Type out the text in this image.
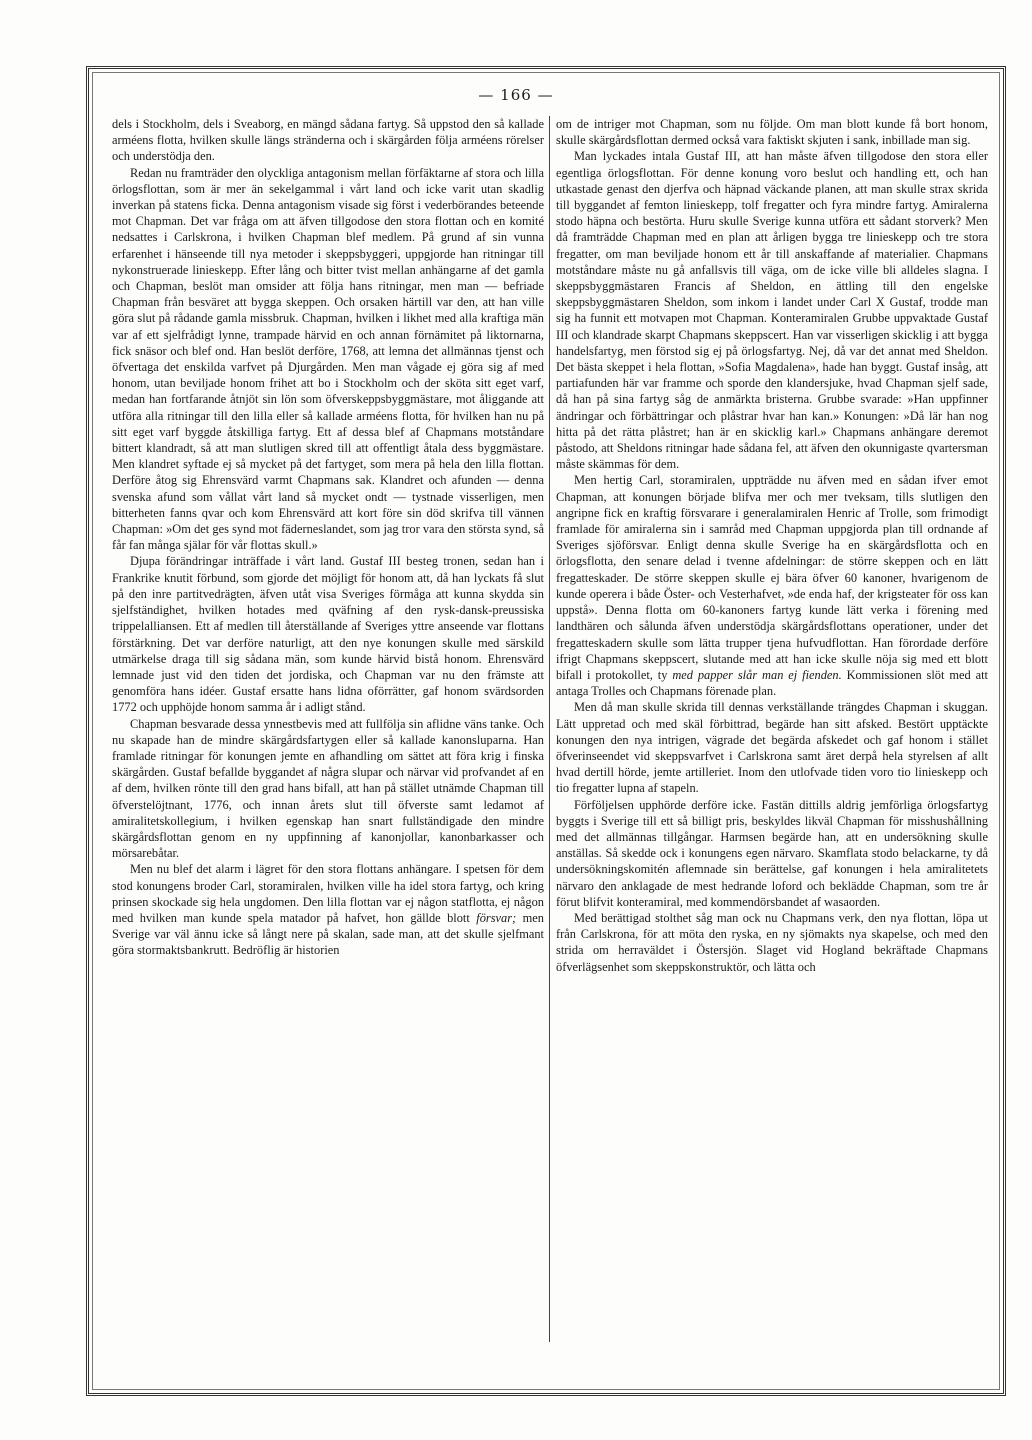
— 166 —

dels i Stockholm, dels i Sveaborg, en mängd sådana fartyg. Så uppstod den så kallade arméens flotta, hvilken skulle längs stränderna och i skärgården följa arméens rörelser och understödja den.

Redan nu framträder den olyckliga antagonism mellan förfäktarne af stora och lilla örlogsflottan, som är mer än sekelgammal i vårt land och icke varit utan skadlig inverkan på statens ficka. Denna antagonism visade sig först i vederbörandes beteende mot Chapman. Det var fråga om att äfven tillgodose den stora flottan och en komité nedsattes i Carlskrona, i hvilken Chapman blef medlem. På grund af sin vunna erfarenhet i hänseende till nya metoder i skeppsbyggeri, uppgjorde han ritningar till nykonstruerade linieskepp. Efter lång och bitter tvist mellan anhängarne af det gamla och Chapman, beslöt man omsider att följa hans ritningar, men man — befriade Chapman från besväret att bygga skeppen. Och orsaken härtill var den, att han ville göra slut på rådande gamla missbruk. Chapman, hvilken i likhet med alla kraftiga män var af ett sjelfrådigt lynne, trampade härvid en och annan förnämitet på liktornarna, fick snäsor och blef ond. Han beslöt derföre, 1768, att lemna det allmännas tjenst och öfvertaga det enskilda varfvet på Djurgården. Men man vågade ej göra sig af med honom, utan beviljade honom frihet att bo i Stockholm och der sköta sitt eget varf, medan han fortfarande åtnjöt sin lön som öfverskeppsbyggmästare, mot åliggande att utföra alla ritningar till den lilla eller så kallade arméens flotta, för hvilken han nu på sitt eget varf byggde åtskilliga fartyg. Ett af dessa blef af Chapmans motståndare bittert klandradt, så att man slutligen skred till att offentligt åtala dess byggmästare. Men klandret syftade ej så mycket på det fartyget, som mera på hela den lilla flottan. Derföre åtog sig Ehrensvärd varmt Chapmans sak. Klandret och afunden — denna svenska afund som vållat vårt land så mycket ondt — tystnade visserligen, men bitterheten fanns qvar och kom Ehrensvärd att kort före sin död skrifva till vännen Chapman: »Om det ges synd mot fäderneslandet, som jag tror vara den största synd, så får fan många själar för vår flottas skull.»

Djupa förändringar inträffade i vårt land. Gustaf III besteg tronen, sedan han i Frankrike knutit förbund, som gjorde det möjligt för honom att, då han lyckats få slut på den inre partitvedrägten, äfven utåt visa Sveriges förmåga att kunna skydda sin sjelfständighet, hvilken hotades med qväfning af den rysk-dansk-preussiska trippelalliansen. Ett af medlen till återställande af Sveriges yttre anseende var flottans förstärkning. Det var derföre naturligt, att den nye konungen skulle med särskild utmärkelse draga till sig sådana män, som kunde härvid bistå honom. Ehrensvärd lemnade just vid den tiden det jordiska, och Chapman var nu den främste att genomföra hans idéer. Gustaf ersatte hans lidna oförrätter, gaf honom svärdsorden 1772 och upphöjde honom samma år i adligt stånd.

Chapman besvarade dessa ynnestbevis med att fullfölja sin aflidne väns tanke. Och nu skapade han de mindre skärgårdsfartygen eller så kallade kanonsluparna. Han framlade ritningar för konungen jemte en afhandling om sättet att föra krig i finska skärgården. Gustaf befallde byggandet af några slupar och närvar vid profvandet af en af dem, hvilken rönte till den grad hans bifall, att han på stället utnämde Chapman till öfverstelöjtnant, 1776, och innan årets slut till öfverste samt ledamot af amiralitetskollegium, i hvilken egenskap han snart fullständigade den mindre skärgårdsflottan genom en ny uppfinning af kanonjollar, kanonbarkasser och mörsarebåtar.

Men nu blef det alarm i lägret för den stora flottans anhängare. I spetsen för dem stod konungens broder Carl, storamiralen, hvilken ville ha idel stora fartyg, och kring prinsen skockade sig hela ungdomen. Den lilla flottan var ej någon statflotta, ej någon med hvilken man kunde spela matador på hafvet, hon gällde blott försvar; men Sverige var väl ännu icke så långt nere på skalan, sade man, att det skulle sjelfmant göra stormaktsbankrutt. Bedröflig är historien

om de intriger mot Chapman, som nu följde. Om man blott kunde få bort honom, skulle skärgårdsflottan dermed också vara faktiskt skjuten i sank, inbillade man sig.

Man lyckades intala Gustaf III, att han måste äfven tillgodose den stora eller egentliga örlogsflottan. För denne konung voro beslut och handling ett, och han utkastade genast den djerfva och häpnad väckande planen, att man skulle strax skrida till byggandet af femton linieskepp, tolf fregatter och fyra mindre fartyg. Amiralerna stodo häpna och bestörta. Huru skulle Sverige kunna utföra ett sådant storverk? Men då framträdde Chapman med en plan att årligen bygga tre linieskepp och tre stora fregatter, om man beviljade honom ett år till anskaffande af materialier. Chapmans motståndare måste nu gå anfallsvis till väga, om de icke ville bli alldeles slagna. I skeppsbyggmästaren Francis af Sheldon, en ättling till den engelske skeppsbyggmästaren Sheldon, som inkom i landet under Carl X Gustaf, trodde man sig ha funnit ett motvapen mot Chapman. Konteramiralen Grubbe uppvaktade Gustaf III och klandrade skarpt Chapmans skeppscert. Han var visserligen skicklig i att bygga handelsfartyg, men förstod sig ej på örlogsfartyg. Nej, då var det annat med Sheldon. Det bästa skeppet i hela flottan, »Sofia Magdalena», hade han byggt. Gustaf insåg, att partiafunden här var framme och sporde den klandersjuke, hvad Chapman sjelf sade, då han på sina fartyg såg de anmärkta bristerna. Grubbe svarade: »Han uppfinner ändringar och förbättringar och plåstrar hvar han kan.» Konungen: »Då lär han nog hitta på det rätta plåstret; han är en skicklig karl.» Chapmans anhängare deremot påstodo, att Sheldons ritningar hade sådana fel, att äfven den okunnigaste qvartersman måste skämmas för dem.

Men hertig Carl, storamiralen, uppträdde nu äfven med en sådan ifver emot Chapman, att konungen började blifva mer och mer tveksam, tills slutligen den angripne fick en kraftig försvarare i generalamiralen Henric af Trolle, som frimodigt framlade för amiralerna sin i samråd med Chapman uppgjorda plan till ordnande af Sveriges sjöförsvar. Enligt denna skulle Sverige ha en skärgårdsflotta och en örlogsflotta, den senare delad i tvenne afdelningar: de större skeppen och en lätt fregatteskader. De större skeppen skulle ej bära öfver 60 kanoner, hvarigenom de kunde operera i både Öster- och Vesterhafvet, »de enda haf, der krigsteater för oss kan uppstå». Denna flotta om 60-kanoners fartyg kunde lätt verka i förening med landthären och sålunda äfven understödja skärgårdsflottans operationer, under det fregatteskadern skulle som lätta trupper tjena hufvudflottan. Han förordade derföre ifrigt Chapmans skeppscert, slutande med att han icke skulle nöja sig med ett blott bifall i protokollet, ty med papper slår man ej fienden. Kommissionen slöt med att antaga Trolles och Chapmans förenade plan.

Men då man skulle skrida till dennas verkställande trängdes Chapman i skuggan. Lätt uppretad och med skäl förbittrad, begärde han sitt afsked. Bestört upptäckte konungen den nya intrigen, vägrade det begärda afskedet och gaf honom i stället öfverinseendet vid skeppsvarfvet i Carlskrona samt äret derpå hela styrelsen af allt hvad dertill hörde, jemte artilleriet. Inom den utlofvade tiden voro tio linieskepp och tio fregatter lupna af stapeln.

Förföljelsen upphörde derföre icke. Fastän dittills aldrig jemförliga örlogsfartyg byggts i Sverige till ett så billigt pris, beskyldes likväl Chapman för misshushållning med det allmännas tillgångar. Harmsen begärde han, att en undersökning skulle anställas. Så skedde ock i konungens egen närvaro. Skamflata stodo belackarne, ty då undersökningskomitén aflemnade sin berättelse, gaf konungen i hela amiralitetets närvaro den anklagade de mest hedrande loford och beklädde Chapman, som tre år förut blifvit konteramiral, med kommendörsbandet af wasaorden.

Med berättigad stolthet såg man ock nu Chapmans verk, den nya flottan, löpa ut från Carlskrona, för att möta den ryska, en ny sjömakts nya skapelse, och med den strida om herraväldet i Östersjön. Slaget vid Hogland bekräftade Chapmans öfverlägsenhet som skeppskonstruktör, och lätta och
